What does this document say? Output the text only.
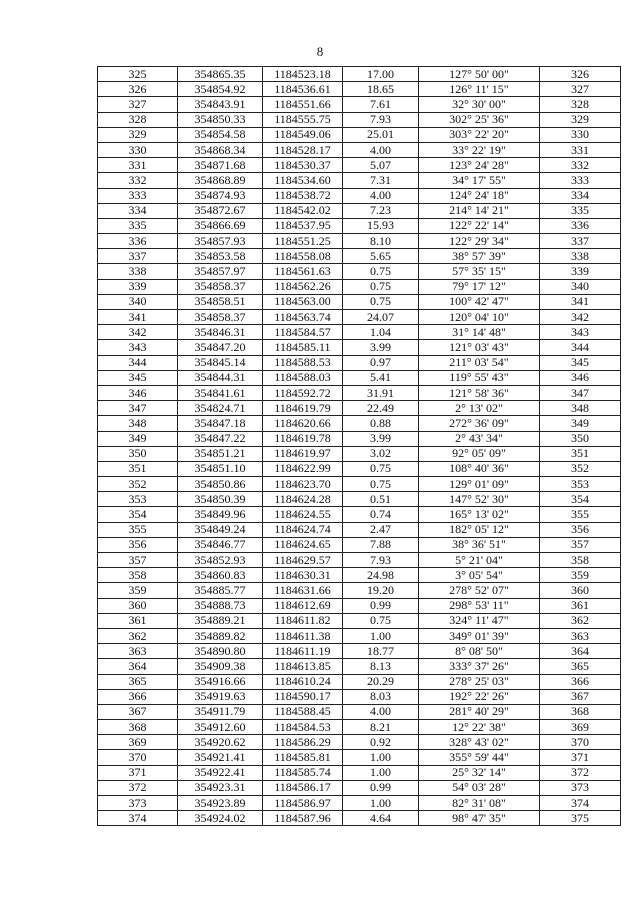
8
325	354865.35	1184523.18	17.00	127° 50' 00"	326
326	354854.92	1184536.61	18.65	126° 11' 15"	327
327	354843.91	1184551.66	7.61	32° 30' 00"	328
328	354850.33	1184555.75	7.93	302° 25' 36"	329
329	354854.58	1184549.06	25.01	303° 22' 20"	330
330	354868.34	1184528.17	4.00	33° 22' 19"	331
331	354871.68	1184530.37	5.07	123° 24' 28"	332
332	354868.89	1184534.60	7.31	34° 17' 55"	333
333	354874.93	1184538.72	4.00	124° 24' 18"	334
334	354872.67	1184542.02	7.23	214° 14' 21"	335
335	354866.69	1184537.95	15.93	122° 22' 14"	336
336	354857.93	1184551.25	8.10	122° 29' 34"	337
337	354853.58	1184558.08	5.65	38° 57' 39"	338
338	354857.97	1184561.63	0.75	57° 35' 15"	339
339	354858.37	1184562.26	0.75	79° 17' 12"	340
340	354858.51	1184563.00	0.75	100° 42' 47"	341
341	354858.37	1184563.74	24.07	120° 04' 10"	342
342	354846.31	1184584.57	1.04	31° 14' 48"	343
343	354847.20	1184585.11	3.99	121° 03' 43"	344
344	354845.14	1184588.53	0.97	211° 03' 54"	345
345	354844.31	1184588.03	5.41	119° 55' 43"	346
346	354841.61	1184592.72	31.91	121° 58' 36"	347
347	354824.71	1184619.79	22.49	2° 13' 02"	348
348	354847.18	1184620.66	0.88	272° 36' 09"	349
349	354847.22	1184619.78	3.99	2° 43' 34"	350
350	354851.21	1184619.97	3.02	92° 05' 09"	351
351	354851.10	1184622.99	0.75	108° 40' 36"	352
352	354850.86	1184623.70	0.75	129° 01' 09"	353
353	354850.39	1184624.28	0.51	147° 52' 30"	354
354	354849.96	1184624.55	0.74	165° 13' 02"	355
355	354849.24	1184624.74	2.47	182° 05' 12"	356
356	354846.77	1184624.65	7.88	38° 36' 51"	357
357	354852.93	1184629.57	7.93	5° 21' 04"	358
358	354860.83	1184630.31	24.98	3° 05' 54"	359
359	354885.77	1184631.66	19.20	278° 52' 07"	360
360	354888.73	1184612.69	0.99	298° 53' 11"	361
361	354889.21	1184611.82	0.75	324° 11' 47"	362
362	354889.82	1184611.38	1.00	349° 01' 39"	363
363	354890.80	1184611.19	18.77	8° 08' 50"	364
364	354909.38	1184613.85	8.13	333° 37' 26"	365
365	354916.66	1184610.24	20.29	278° 25' 03"	366
366	354919.63	1184590.17	8.03	192° 22' 26"	367
367	354911.79	1184588.45	4.00	281° 40' 29"	368
368	354912.60	1184584.53	8.21	12° 22' 38"	369
369	354920.62	1184586.29	0.92	328° 43' 02"	370
370	354921.41	1184585.81	1.00	355° 59' 44"	371
371	354922.41	1184585.74	1.00	25° 32' 14"	372
372	354923.31	1184586.17	0.99	54° 03' 28"	373
373	354923.89	1184586.97	1.00	82° 31' 08"	374
374	354924.02	1184587.96	4.64	98° 47' 35"	375
